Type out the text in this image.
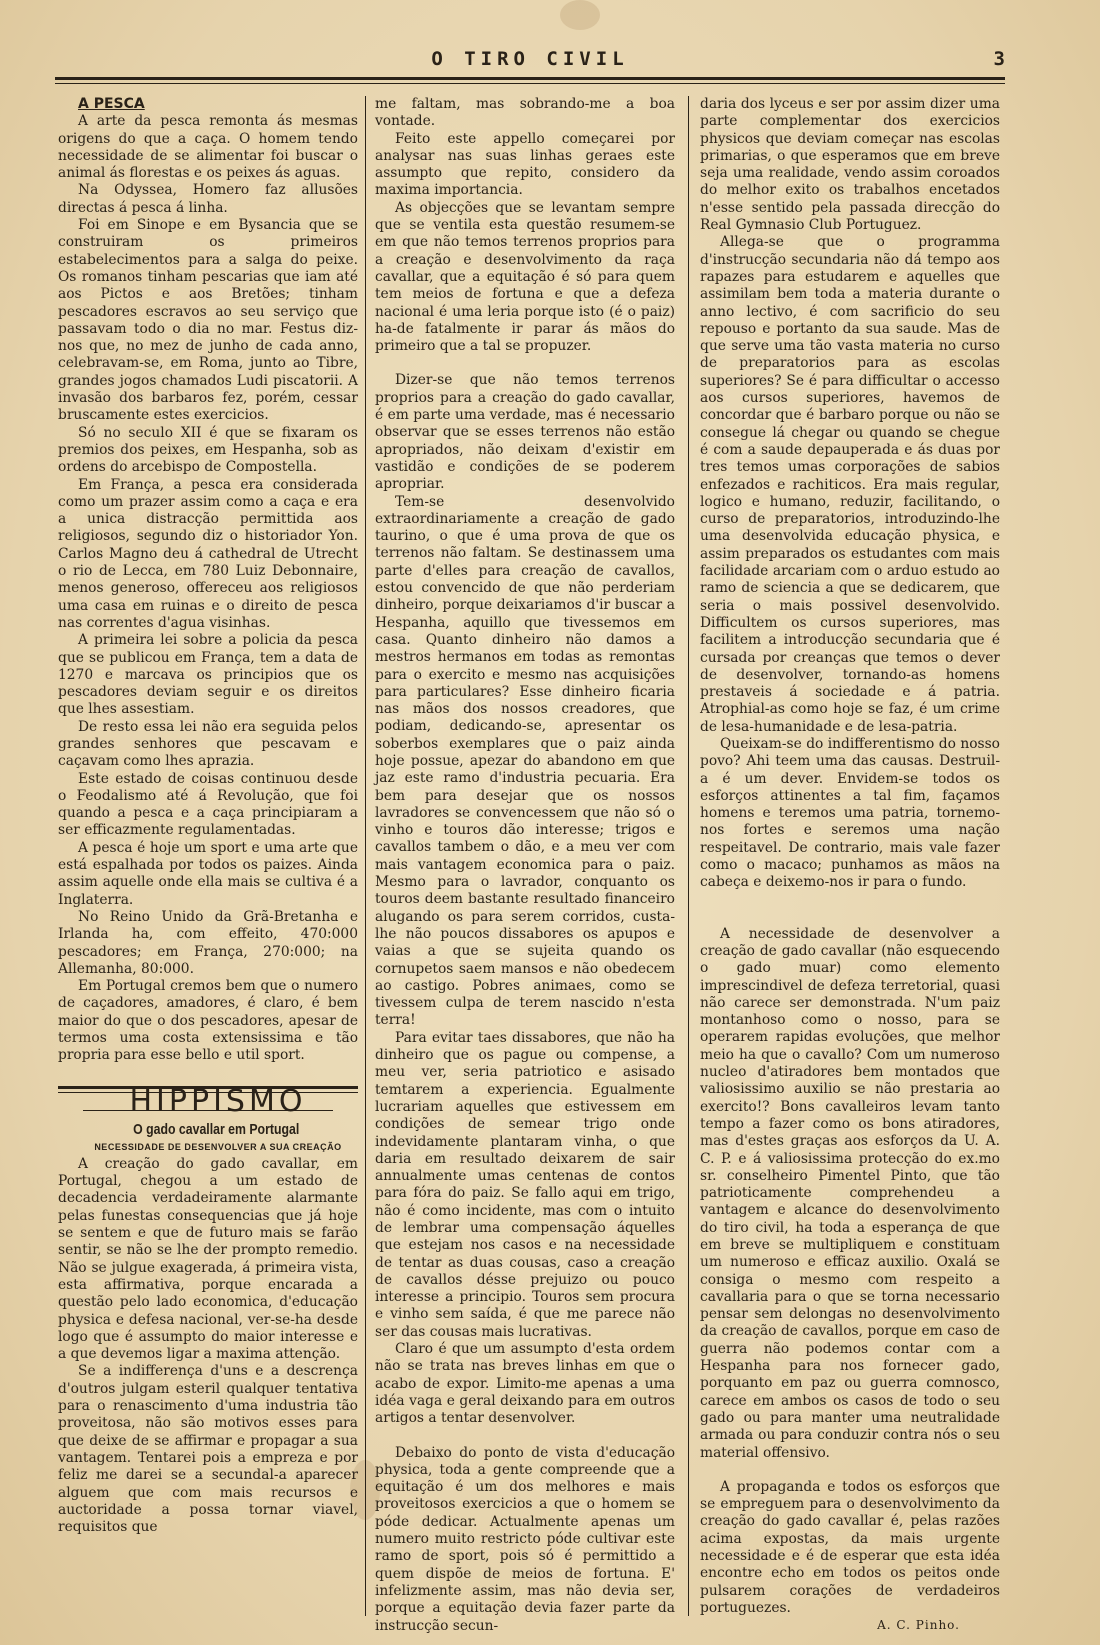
O TIRO CIVIL	3

A PESCA

A arte da pesca remonta ás mesmas origens do que a caça. O homem tendo necessidade de se alimentar foi buscar o animal ás florestas e os peixes ás aguas.

Na Odyssea, Homero faz allusões directas á pesca á linha.

Foi em Sinope e em Bysancia que se construiram os primeiros estabelecimentos para a salga do peixe. Os romanos tinham pescarias que iam até aos Pictos e aos Bretões; tinham pescadores escravos ao seu serviço que passavam todo o dia no mar. Festus diz-nos que, no mez de junho de cada anno, celebravam-se, em Roma, junto ao Tibre, grandes jogos chamados Ludi piscatorii. A invasão dos barbaros fez, porém, cessar bruscamente estes exercicios.

Só no seculo XII é que se fixaram os premios dos peixes, em Hespanha, sob as ordens do arcebispo de Compostella.

Em França, a pesca era considerada como um prazer assim como a caça e era a unica distracção permittida aos religiosos, segundo diz o historiador Yon. Carlos Magno deu á cathedral de Utrecht o rio de Lecca, em 780 Luiz Debonnaire, menos generoso, offereceu aos religiosos uma casa em ruinas e o direito de pesca nas correntes d'agua visinhas.

A primeira lei sobre a policia da pesca que se publicou em França, tem a data de 1270 e marcava os principios que os pescadores deviam seguir e os direitos que lhes assestiam.

De resto essa lei não era seguida pelos grandes senhores que pescavam e caçavam como lhes aprazia.

Este estado de coisas continuou desde o Feodalismo até á Revolução, que foi quando a pesca e a caça principiaram a ser efficazmente regulamentadas.

A pesca é hoje um sport e uma arte que está espalhada por todos os paizes. Ainda assim aquelle onde ella mais se cultiva é a Inglaterra.

No Reino Unido da Grã-Bretanha e Irlanda ha, com effeito, 470:000 pescadores; em França, 270:000; na Allemanha, 80:000.

Em Portugal cremos bem que o numero de caçadores, amadores, é claro, é bem maior do que o dos pescadores, apesar de termos uma costa extensissima e tão propria para esse bello e util sport.

HIPPISMO

O gado cavallar em Portugal

NECESSIDADE DE DESENVOLVER A SUA CREAÇÃO

A creação do gado cavallar, em Portugal, chegou a um estado de decadencia verdadeiramente alarmante pelas funestas consequencias que já hoje se sentem e que de futuro mais se farão sentir, se não se lhe der prompto remedio. Não se julgue exagerada, á primeira vista, esta affirmativa, porque encarada a questão pelo lado economica, d'educação physica e defesa nacional, ver-se-ha desde logo que é assumpto do maior interesse e a que devemos ligar a maxima attenção.

Se a indifferença d'uns e a descrença d'outros julgam esteril qualquer tentativa para o renascimento d'uma industria tão proveitosa, não são motivos esses para que deixe de se affirmar e propagar a sua vantagem. Tentarei pois a empreza e por feliz me darei se a secundal-a aparecer alguem que com mais recursos e auctoridade a possa tornar viavel, requisitos que

me faltam, mas sobrando-me a boa vontade.

Feito este appello começarei por analysar nas suas linhas geraes este assumpto que repito, considero da maxima importancia.

As objecções que se levantam sempre que se ventila esta questão resumem-se em que não temos terrenos proprios para a creação e desenvolvimento da raça cavallar, que a equitação é só para quem tem meios de fortuna e que a defeza nacional é uma leria porque isto (é o paiz) ha-de fatalmente ir parar ás mãos do primeiro que a tal se propuzer.

Dizer-se que não temos terrenos proprios para a creação do gado cavallar, é em parte uma verdade, mas é necessario observar que se esses terrenos não estão apropriados, não deixam d'existir em vastidão e condições de se poderem apropriar.

Tem-se desenvolvido extraordinariamente a creação de gado taurino, o que é uma prova de que os terrenos não faltam. Se destinassem uma parte d'elles para creação de cavallos, estou convencido de que não perderiam dinheiro, porque deixariamos d'ir buscar a Hespanha, aquillo que tivessemos em casa. Quanto dinheiro não damos a mestros hermanos em todas as remontas para o exercito e mesmo nas acquisições para particulares? Esse dinheiro ficaria nas mãos dos nossos creadores, que podiam, dedicando-se, apresentar os soberbos exemplares que o paiz ainda hoje possue, apezar do abandono em que jaz este ramo d'industria pecuaria. Era bem para desejar que os nossos lavradores se convencessem que não só o vinho e touros dão interesse; trigos e cavallos tambem o dão, e a meu ver com mais vantagem economica para o paiz. Mesmo para o lavrador, conquanto os touros deem bastante resultado financeiro alugando os para serem corridos, custa-lhe não poucos dissabores os apupos e vaias a que se sujeita quando os cornupetos saem mansos e não obedecem ao castigo. Pobres animaes, como se tivessem culpa de terem nascido n'esta terra!

Para evitar taes dissabores, que não ha dinheiro que os pague ou compense, a meu ver, seria patriotico e asisado temtarem a experiencia. Egualmente lucrariam aquelles que estivessem em condições de semear trigo onde indevidamente plantaram vinha, o que daria em resultado deixarem de sair annualmente umas centenas de contos para fóra do paiz. Se fallo aqui em trigo, não é como incidente, mas com o intuito de lembrar uma compensação áquelles que estejam nos casos e na necessidade de tentar as duas cousas, caso a creação de cavallos désse prejuizo ou pouco interesse a principio. Touros sem procura e vinho sem saída, é que me parece não ser das cousas mais lucrativas.

Claro é que um assumpto d'esta ordem não se trata nas breves linhas em que o acabo de expor. Limito-me apenas a uma idéa vaga e geral deixando para em outros artigos a tentar desenvolver.

Debaixo do ponto de vista d'educação physica, toda a gente compreende que a equitação é um dos melhores e mais proveitosos exercicios a que o homem se póde dedicar. Actualmente apenas um numero muito restricto póde cultivar este ramo de sport, pois só é permittido a quem dispõe de meios de fortuna. E' infelizmente assim, mas não devia ser, porque a equitação devia fazer parte da instrucção secun-

daria dos lyceus e ser por assim dizer uma parte complementar dos exercicios physicos que deviam começar nas escolas primarias, o que esperamos que em breve seja uma realidade, vendo assim coroados do melhor exito os trabalhos encetados n'esse sentido pela passada direcção do Real Gymnasio Club Portuguez.

Allega-se que o programma d'instrucção secundaria não dá tempo aos rapazes para estudarem e aquelles que assimilam bem toda a materia durante o anno lectivo, é com sacrificio do seu repouso e portanto da sua saude. Mas de que serve uma tão vasta materia no curso de preparatorios para as escolas superiores? Se é para difficultar o accesso aos cursos superiores, havemos de concordar que é barbaro porque ou não se consegue lá chegar ou quando se chegue é com a saude depauperada e ás duas por tres temos umas corporações de sabios enfezados e rachiticos. Era mais regular, logico e humano, reduzir, facilitando, o curso de preparatorios, introduzindo-lhe uma desenvolvida educação physica, e assim preparados os estudantes com mais facilidade arcariam com o arduo estudo ao ramo de sciencia a que se dedicarem, que seria o mais possivel desenvolvido. Difficultem os cursos superiores, mas facilitem a introducção secundaria que é cursada por creanças que temos o dever de desenvolver, tornando-as homens prestaveis á sociedade e á patria. Atrophial-as como hoje se faz, é um crime de lesa-humanidade e de lesa-patria.

Queixam-se do indifferentismo do nosso povo? Ahi teem uma das causas. Destruil-a é um dever. Envidem-se todos os esforços attinentes a tal fim, façamos homens e teremos uma patria, tornemo-nos fortes e seremos uma nação respeitavel. De contrario, mais vale fazer como o macaco; punhamos as mãos na cabeça e deixemo-nos ir para o fundo.

A necessidade de desenvolver a creação de gado cavallar (não esquecendo o gado muar) como elemento imprescindivel de defeza terretorial, quasi não carece ser demonstrada. N'um paiz montanhoso como o nosso, para se operarem rapidas evoluções, que melhor meio ha que o cavallo? Com um numeroso nucleo d'atiradores bem montados que valiosissimo auxilio se não prestaria ao exercito!? Bons cavalleiros levam tanto tempo a fazer como os bons atiradores, mas d'estes graças aos esforços da U. A. C. P. e á valiosissima protecção do ex.mo sr. conselheiro Pimentel Pinto, que tão patrioticamente comprehendeu a vantagem e alcance do desenvolvimento do tiro civil, ha toda a esperança de que em breve se multipliquem e constituam um numeroso e efficaz auxilio. Oxalá se consiga o mesmo com respeito a cavallaria para o que se torna necessario pensar sem delongas no desenvolvimento da creação de cavallos, porque em caso de guerra não podemos contar com a Hespanha para nos fornecer gado, porquanto em paz ou guerra comnosco, carece em ambos os casos de todo o seu gado ou para manter uma neutralidade armada ou para conduzir contra nós o seu material offensivo.

A propaganda e todos os esforços que se empreguem para o desenvolvimento da creação do gado cavallar é, pelas razões acima expostas, da mais urgente necessidade e é de esperar que esta idéa encontre echo em todos os peitos onde pulsarem corações de verdadeiros portuguezes.

A. C. Pinho.
